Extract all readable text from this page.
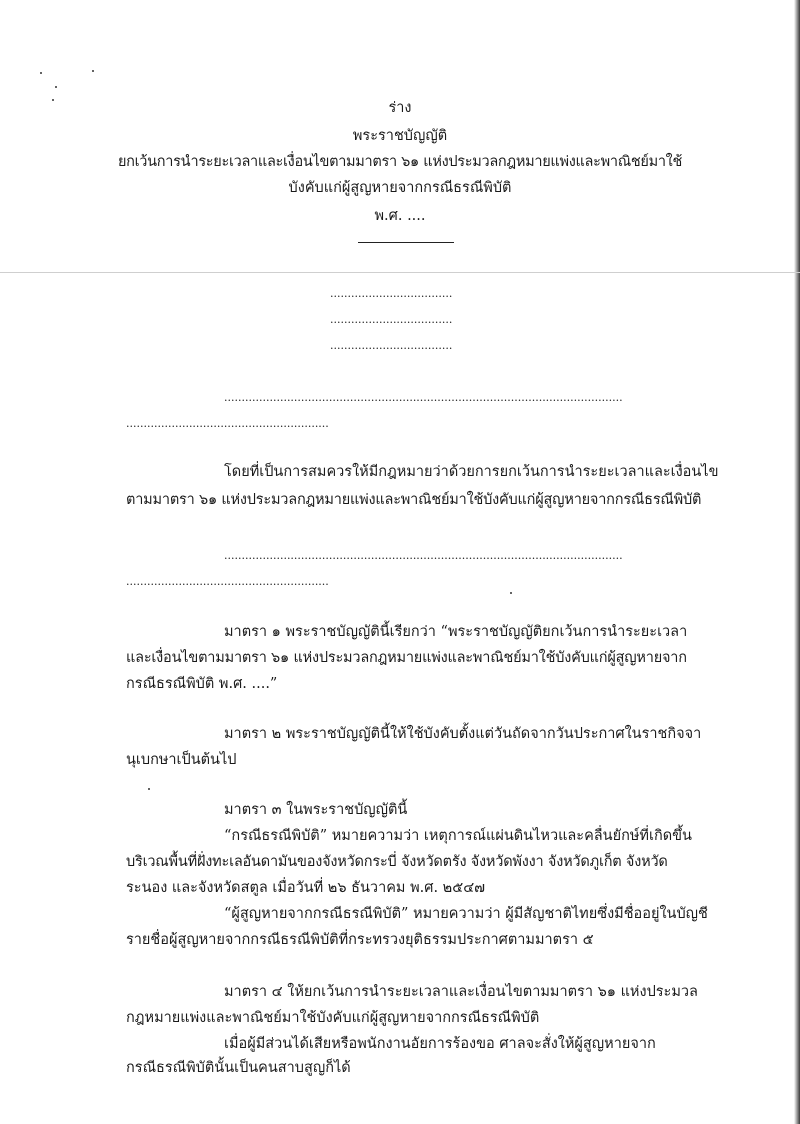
ร่าง
พระราชบัญญัติ
ยกเว้นการนำระยะเวลาและเงื่อนไขตามมาตรา ๖๑ แห่งประมวลกฎหมายแพ่งและพาณิชย์มาใช้
บังคับแก่ผู้สูญหายจากกรณีธรณีพิบัติ
พ.ศ. ....
...................................
...................................
...................................
..................................................................................................................
..........................................................
โดยที่เป็นการสมควรให้มีกฎหมายว่าด้วยการยกเว้นการนำระยะเวลาและเงื่อนไข
ตามมาตรา ๖๑ แห่งประมวลกฎหมายแพ่งและพาณิชย์มาใช้บังคับแก่ผู้สูญหายจากกรณีธรณีพิบัติ
..................................................................................................................
..........................................................
มาตรา ๑ พระราชบัญญัตินี้เรียกว่า “พระราชบัญญัติยกเว้นการนำระยะเวลา
และเงื่อนไขตามมาตรา ๖๑ แห่งประมวลกฎหมายแพ่งและพาณิชย์มาใช้บังคับแก่ผู้สูญหายจาก
กรณีธรณีพิบัติ พ.ศ. ....”
มาตรา ๒ พระราชบัญญัตินี้ให้ใช้บังคับตั้งแต่วันถัดจากวันประกาศในราชกิจจา
นุเบกษาเป็นต้นไป
มาตรา ๓ ในพระราชบัญญัตินี้
“กรณีธรณีพิบัติ” หมายความว่า เหตุการณ์แผ่นดินไหวและคลื่นยักษ์ที่เกิดขึ้น
บริเวณพื้นที่ฝั่งทะเลอันดามันของจังหวัดกระบี่ จังหวัดตรัง จังหวัดพังงา จังหวัดภูเก็ต จังหวัด
ระนอง และจังหวัดสตูล เมื่อวันที่ ๒๖ ธันวาคม พ.ศ. ๒๕๔๗
“ผู้สูญหายจากกรณีธรณีพิบัติ” หมายความว่า ผู้มีสัญชาติไทยซึ่งมีชื่ออยู่ในบัญชี
รายชื่อผู้สูญหายจากกรณีธรณีพิบัติที่กระทรวงยุติธรรมประกาศตามมาตรา ๕
มาตรา ๔ ให้ยกเว้นการนำระยะเวลาและเงื่อนไขตามมาตรา ๖๑ แห่งประมวล
กฎหมายแพ่งและพาณิชย์มาใช้บังคับแก่ผู้สูญหายจากกรณีธรณีพิบัติ
เมื่อผู้มีส่วนได้เสียหรือพนักงานอัยการร้องขอ ศาลจะสั่งให้ผู้สูญหายจาก
กรณีธรณีพิบัตินั้นเป็นคนสาบสูญก็ได้
